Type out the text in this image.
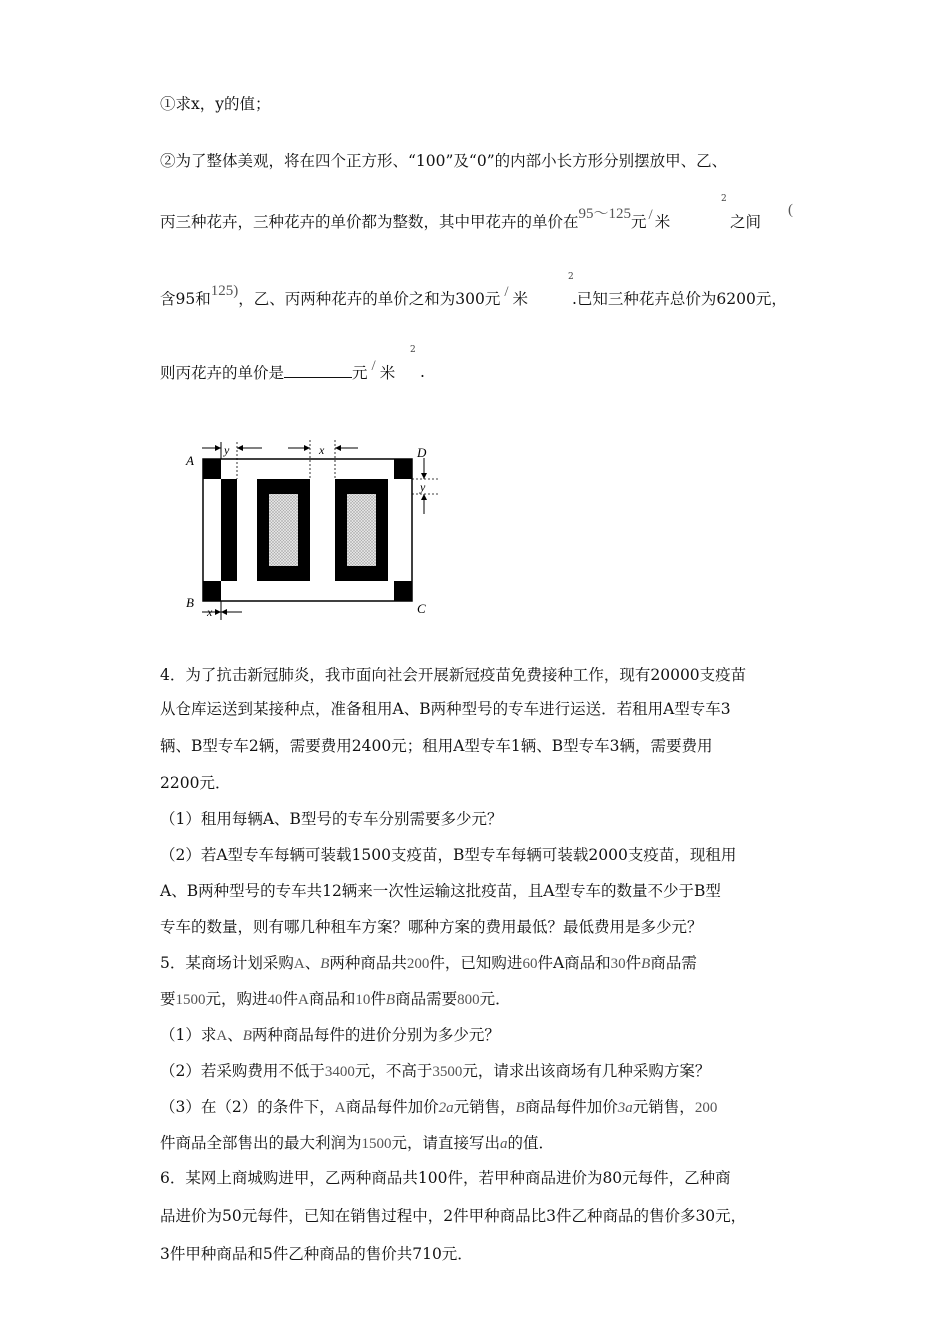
①求x，y的值；
②为了整体美观，将在四个正方形、“100”及“0”的内部小长方形分别摆放甲、乙、
丙三种花卉，三种花卉的单价都为整数，其中甲花卉的单价在95～125元 / 米
2
之间
(
含95和125)，乙、丙两种花卉的单价之和为300元 / 米
2
.已知三种花卉总价为6200元，
则丙花卉的单价是	元 / 米
2
.
A
B	C
D
y	x
y
x
4．为了抗击新冠肺炎，我市面向社会开展新冠疫苗免费接种工作，现有20000支疫苗
从仓库运送到某接种点，准备租用A、B两种型号的专车进行运送．若租用A型专车3
辆、B型专车2辆，需要费用2400元；租用A型专车1辆、B型专车3辆，需要费用
2200元．
（1）租用每辆A、B型号的专车分别需要多少元？
（2）若A型专车每辆可装载1500支疫苗，B型专车每辆可装载2000支疫苗，现租用
A、B两种型号的专车共12辆来一次性运输这批疫苗，且A型专车的数量不少于B型
专车的数量，则有哪几种租车方案？哪种方案的费用最低？最低费用是多少元？
5．某商场计划采购A、B两种商品共200件，已知购进60件A商品和30件B商品需
要1500元，购进40件A商品和10件B商品需要800元．
（1）求A、B两种商品每件的进价分别为多少元？
（2）若采购费用不低于3400元，不高于3500元，请求出该商场有几种采购方案？
（3）在（2）的条件下，A商品每件加价2a元销售，B商品每件加价3a元销售，200
件商品全部售出的最大利润为1500元，请直接写出a的值．
6．某网上商城购进甲，乙两种商品共100件，若甲种商品进价为80元每件，乙种商
品进价为50元每件，已知在销售过程中，2件甲种商品比3件乙种商品的售价多30元，
3件甲种商品和5件乙种商品的售价共710元．
